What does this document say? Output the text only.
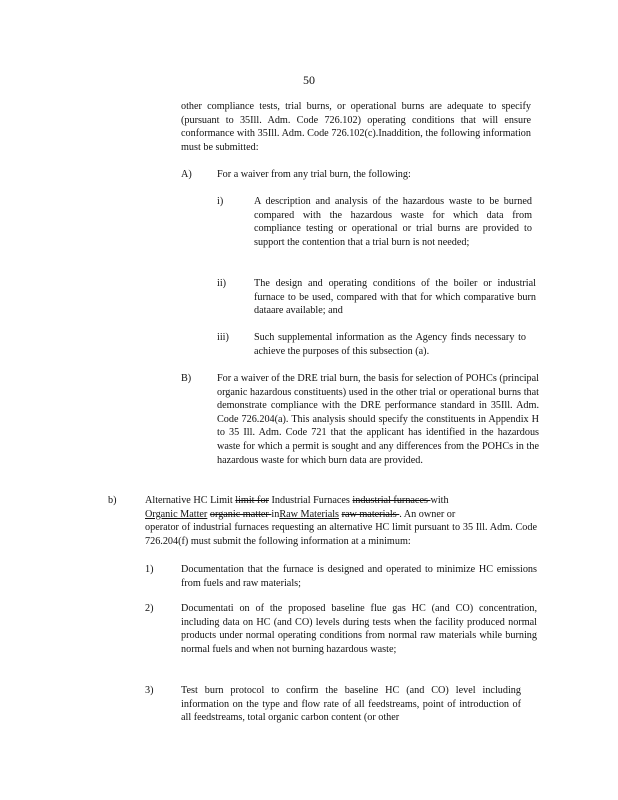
50
other compliance tests, trial burns, or operational burns are adequate to specify (pursuant to 35Ill. Adm. Code 726.102) operating conditions that will ensure conformance with 35Ill. Adm. Code 726.102(c).Inaddition, the following information must be submitted:
A) For a waiver from any trial burn, the following:
i)	A description and analysis of the hazardous waste to be burned compared with the hazardous waste for which data from compliance testing or operational or trial burns are provided to support the contention that a trial burn is not needed;
ii)	The design and operating conditions of the boiler or industrial furnace to be used, compared with that for which comparative burn dataare available; and
iii) Such supplemental information as the Agency finds necessary to achieve the purposes of this subsection (a).
B)	For a waiver of the DRE trial burn, the basis for selection of POHCs (principal organic hazardous constituents) used in the other trial or operational burns that demonstrate compliance with the DRE performance standard in 35Ill. Adm. Code 726.204(a). This analysis should specify the constituents in Appendix H to 35 Ill. Adm. Code 721 that the applicant has identified in the hazardous waste for which a permit is sought and any differences from the POHCs in the hazardous waste for which burn data are provided.
b)	Alternative HC Limit limit for Industrial Furnaces industrial furnaces with
Organic Matter organic matter inRaw Materials raw materials . An owner or
operator of industrial furnaces requesting an alternative HC limit pursuant to 35 Ill. Adm. Code 726.204(f) must submit the following information at a minimum:
1)	Documentation that the furnace is designed and operated to minimize HC emissions from fuels and raw materials;
2)	Documentati on of the proposed baseline flue gas HC (and CO) concentration, including data on HC (and CO) levels during tests when the facility produced normal products under normal operating conditions from normal raw materials while burning normal fuels and when not burning hazardous waste;
3)	Test burn protocol to confirm the baseline HC (and CO) level including information on the type and flow rate of all feedstreams, point of introduction of all feedstreams, total organic carbon content (or other
